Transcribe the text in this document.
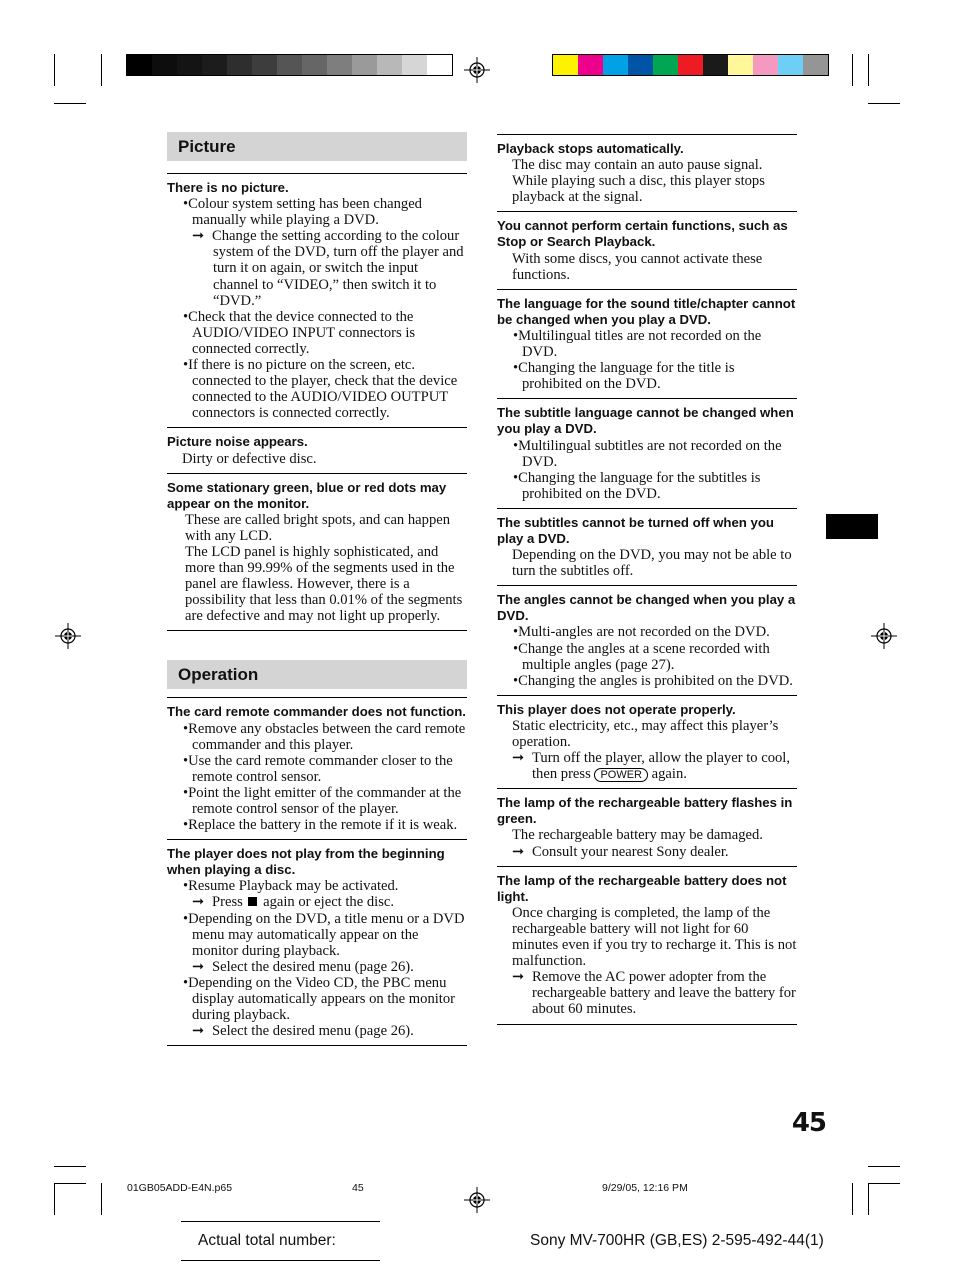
Picture
There is no picture.
•Colour system setting has been changed manually while playing a DVD.
➞ Change the setting according to the colour system of the DVD, turn off the player and turn it on again, or switch the input channel to “VIDEO,” then switch it to “DVD.”
•Check that the device connected to the AUDIO/VIDEO INPUT connectors is connected correctly.
•If there is no picture on the screen, etc. connected to the player, check that the device connected to the AUDIO/VIDEO OUTPUT connectors is connected correctly.
Picture noise appears.
Dirty or defective disc.
Some stationary green, blue or red dots may appear on the monitor.
These are called bright spots, and can happen with any LCD.
The LCD panel is highly sophisticated, and more than 99.99% of the segments used in the panel are flawless. However, there is a possibility that less than 0.01% of the segments are defective and may not light up properly.
Operation
The card remote commander does not function.
•Remove any obstacles between the card remote commander and this player.
•Use the card remote commander closer to the remote control sensor.
•Point the light emitter of the commander at the remote control sensor of the player.
•Replace the battery in the remote if it is weak.
The player does not play from the beginning when playing a disc.
•Resume Playback may be activated.
➞ Press again or eject the disc.
•Depending on the DVD, a title menu or a DVD menu may automatically appear on the monitor during playback.
➞ Select the desired menu (page 26).
•Depending on the Video CD, the PBC menu display automatically appears on the monitor during playback.
➞ Select the desired menu (page 26).
Playback stops automatically.
The disc may contain an auto pause signal. While playing such a disc, this player stops playback at the signal.
You cannot perform certain functions, such as Stop or Search Playback.
With some discs, you cannot activate these functions.
The language for the sound title/chapter cannot be changed when you play a DVD.
•Multilingual titles are not recorded on the DVD.
•Changing the language for the title is prohibited on the DVD.
The subtitle language cannot be changed when you play a DVD.
•Multilingual subtitles are not recorded on the DVD.
•Changing the language for the subtitles is prohibited on the DVD.
The subtitles cannot be turned off when you play a DVD.
Depending on the DVD, you may not be able to turn the subtitles off.
The angles cannot be changed when you play a DVD.
•Multi-angles are not recorded on the DVD.
•Change the angles at a scene recorded with multiple angles (page 27).
•Changing the angles is prohibited on the DVD.
This player does not operate properly.
Static electricity, etc., may affect this player’s operation.
➞ Turn off the player, allow the player to cool, then press POWER again.
The lamp of the rechargeable battery flashes in green.
The rechargeable battery may be damaged.
➞ Consult your nearest Sony dealer.
The lamp of the rechargeable battery does not light.
Once charging is completed, the lamp of the rechargeable battery will not light for 60 minutes even if you try to recharge it. This is not malfunction.
➞ Remove the AC power adopter from the rechargeable battery and leave the battery for about 60 minutes.
45
01GB05ADD-E4N.p65	45	9/29/05, 12:16 PM
Actual total number:	Sony MV-700HR (GB,ES) 2-595-492-44(1)
